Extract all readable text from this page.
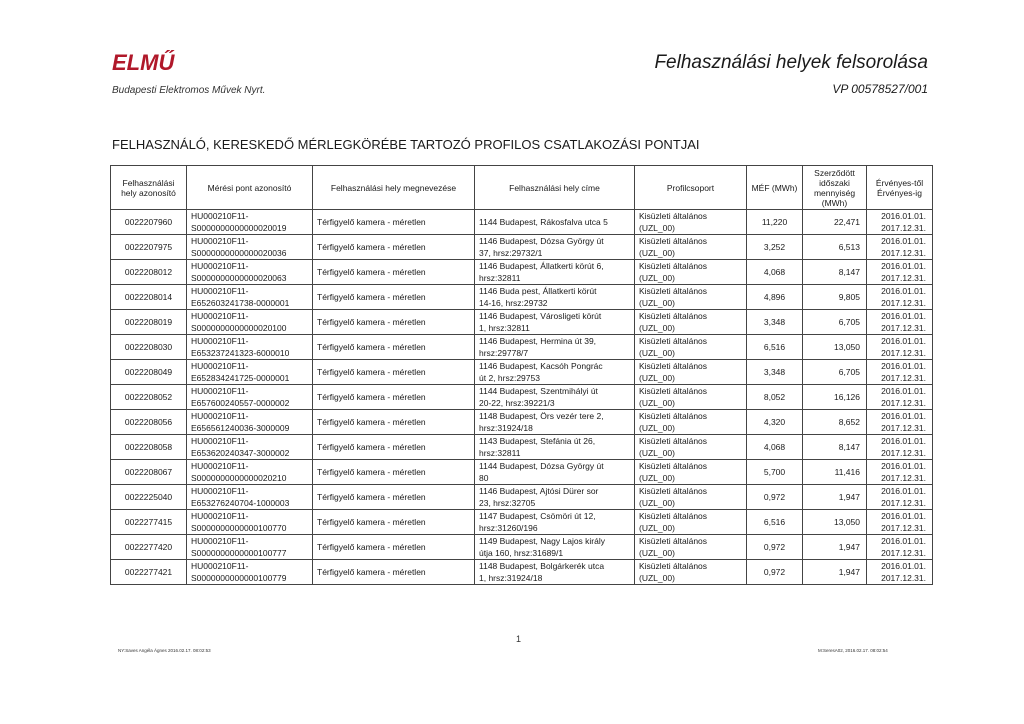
ELMŰ
Budapesti Elektromos Művek Nyrt.
Felhasználási helyek felsorolása
VP 00578527/001
FELHASZNÁLÓ, KERESKEDŐ MÉRLEGKÖRÉBE TARTOZÓ PROFILOS CSATLAKOZÁSI PONTJAI
Felhasználási hely azonosító	Mérési pont azonosító	Felhasználási hely megnevezése	Felhasználási hely címe	Profilcsoport	MÉF (MWh)	Szerződött időszaki mennyiség (MWh)	Érvényes-től Érvényes-ig
0022207960	HU000210F11-
S0000000000000020019	Térfigyelő kamera - méretlen	1144 Budapest, Rákosfalva utca 5	Kisüzleti általános
(UZL_00)	11,220	22,471	2016.01.01.
2017.12.31.

0022207975	HU000210F11-
S0000000000000020036	Térfigyelő kamera - méretlen	1146 Budapest, Dózsa György út
37, hrsz:29732/1	Kisüzleti általános
(UZL_00)	3,252	6,513	2016.01.01.
2017.12.31.

0022208012	HU000210F11-
S0000000000000020063	Térfigyelő kamera - méretlen	1146 Budapest, Állatkerti körút 6,
hrsz:32811	Kisüzleti általános
(UZL_00)	4,068	8,147	2016.01.01.
2017.12.31.

0022208014	HU000210F11-
E652603241738-0000001	Térfigyelő kamera - méretlen	1146 Buda pest, Állatkerti körút
14-16, hrsz:29732	Kisüzleti általános
(UZL_00)	4,896	9,805	2016.01.01.
2017.12.31.

0022208019	HU000210F11-
S0000000000000020100	Térfigyelő kamera - méretlen	1146 Budapest, Városligeti körút
1, hrsz:32811	Kisüzleti általános
(UZL_00)	3,348	6,705	2016.01.01.
2017.12.31.

0022208030	HU000210F11-
E653237241323-6000010	Térfigyelő kamera - méretlen	1146 Budapest, Hermina út 39,
hrsz:29778/7	Kisüzleti általános
(UZL_00)	6,516	13,050	2016.01.01.
2017.12.31.

0022208049	HU000210F11-
E652834241725-0000001	Térfigyelő kamera - méretlen	1146 Budapest, Kacsóh Pongrác
út 2, hrsz:29753	Kisüzleti általános
(UZL_00)	3,348	6,705	2016.01.01.
2017.12.31.

0022208052	HU000210F11-
E657600240557-0000002	Térfigyelő kamera - méretlen	1144 Budapest, Szentmihályi út
20-22, hrsz:39221/3	Kisüzleti általános
(UZL_00)	8,052	16,126	2016.01.01.
2017.12.31.

0022208056	HU000210F11-
E656561240036-3000009	Térfigyelő kamera - méretlen	1148 Budapest, Örs vezér tere 2,
hrsz:31924/18	Kisüzleti általános
(UZL_00)	4,320	8,652	2016.01.01.
2017.12.31.

0022208058	HU000210F11-
E653620240347-3000002	Térfigyelő kamera - méretlen	1143 Budapest, Stefánia út 26,
hrsz:32811	Kisüzleti általános
(UZL_00)	4,068	8,147	2016.01.01.
2017.12.31.

0022208067	HU000210F11-
S0000000000000020210	Térfigyelő kamera - méretlen	1144 Budapest, Dózsa György út
80	Kisüzleti általános
(UZL_00)	5,700	11,416	2016.01.01.
2017.12.31.

0022225040	HU000210F11-
E653276240704-1000003	Térfigyelő kamera - méretlen	1146 Budapest, Ajtósi Dürer sor
23, hrsz:32705	Kisüzleti általános
(UZL_00)	0,972	1,947	2016.01.01.
2017.12.31.

0022277415	HU000210F11-
S0000000000000100770	Térfigyelő kamera - méretlen	1147 Budapest, Csömöri út 12,
hrsz:31260/196	Kisüzleti általános
(UZL_00)	6,516	13,050	2016.01.01.
2017.12.31.

0022277420	HU000210F11-
S0000000000000100777	Térfigyelő kamera - méretlen	1149 Budapest, Nagy Lajos király
útja 160, hrsz:31689/1	Kisüzleti általános
(UZL_00)	0,972	1,947	2016.01.01.
2017.12.31.

0022277421	HU000210F11-
S0000000000000100779	Térfigyelő kamera - méretlen	1148 Budapest, Bolgárkerék utca
1, hrsz:31924/18	Kisüzleti általános
(UZL_00)	0,972	1,947	2016.01.01.
2017.12.31.
NY:Saves Angéla Ágnes 2016.02.17. 08:02:53
1
M:SeresA02, 2016.02.17. 08:02:54
